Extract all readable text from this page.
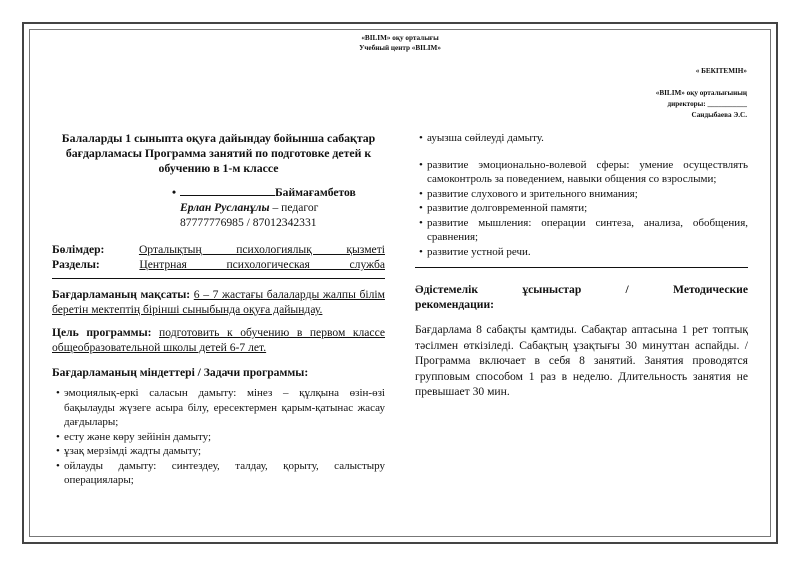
«BILIM» оқу орталығы
Учебный центр «BILIM»
« БЕКІТЕМІН»
«BILIM» оқу орталығының
директоры: ___________
Сандыбаева Э.С.

Балаларды 1 сыныпта оқуға дайындау бойынша сабақтар бағдарламасы Программа занятий по подготовке детей к обучению в 1-м классе

•	Баймағамбетов
Ерлан Русланұлы – педагог
87777776985 / 87012342331
Бөлімдер:	Орталықтың психологиялық қызметі
Разделы:	Центрная психологическая служба
Бағдарламаның мақсаты: 6 – 7 жастағы балаларды жалпы білім беретін мектептің бірінші сыныбында оқуға дайындау.
Цель программы: подготовить к обучению в первом классе общеобразовательной школы детей 6-7 лет.
Бағдарламаның міндеттері / Задачи программы:
• эмоциялық-еркі саласын дамыту: мінез – құлқына өзін-өзі бақылауды жүзеге асыра білу, ересектермен қарым-қатынас жасау дағдылары;
• есту және көру зейінін дамыту;
• ұзақ мерзімді жадты дамыту;
• ойлауды дамыту: синтездеу, талдау, қорыту, салыстыру операциялары;
• ауызша сөйлеуді дамыту.
• развитие эмоционально-волевой сферы: умение осуществлять самоконтроль за поведением, навыки общения со взрослыми;
• развитие слухового и зрительного внимания;
• развитие долговременной памяти;
• развитие мышления: операции синтеза, анализа, обобщения, сравнения;
• развитие устной речи.
Әдістемелік ұсыныстар / Методические
рекомендации:
Бағдарлама 8 сабақты қамтиды. Сабақтар аптасына 1 рет топтық тәсілмен өткізіледі. Сабақтың ұзақтығы 30 минуттан аспайды. / Программа включает в себя 8 занятий. Занятия проводятся групповым способом 1 раз в неделю. Длительность занятия не превышает 30 мин.
